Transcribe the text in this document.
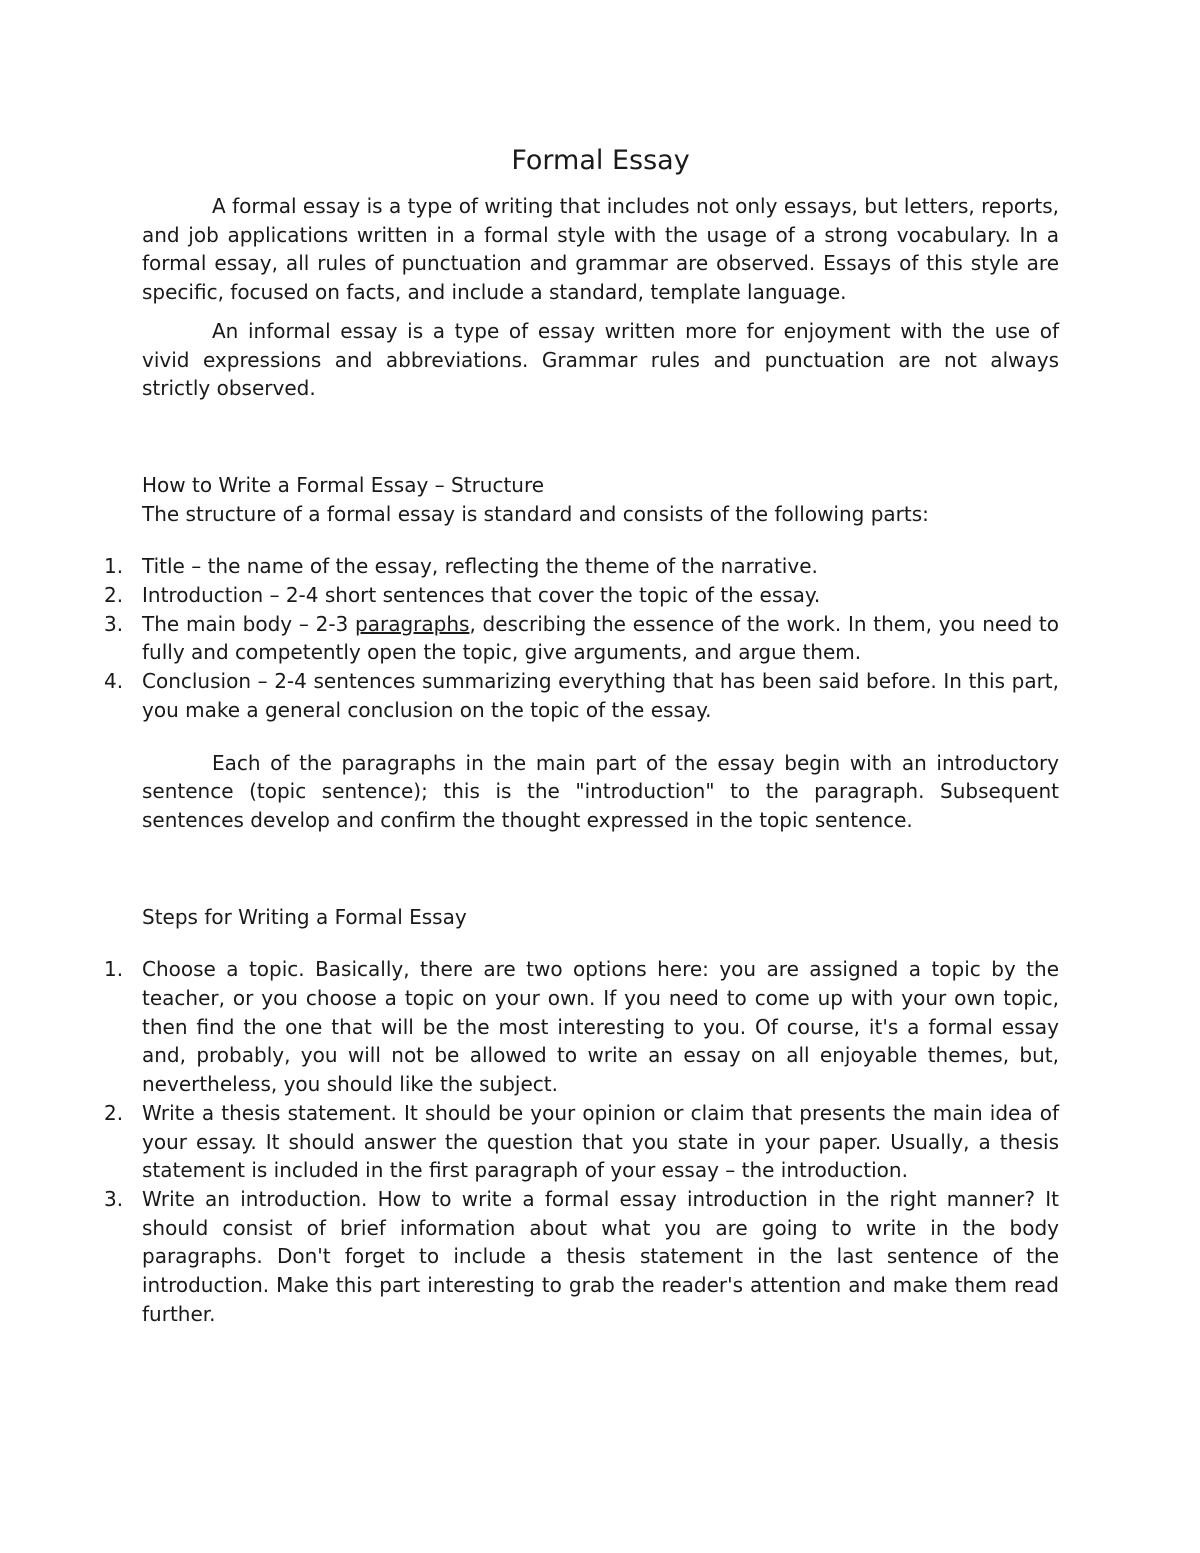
Formal Essay

A formal essay is a type of writing that includes not only essays, but letters, reports, and job applications written in a formal style with the usage of a strong vocabulary. In a formal essay, all rules of punctuation and grammar are observed. Essays of this style are specific, focused on facts, and include a standard, template language.

An informal essay is a type of essay written more for enjoyment with the use of vivid expressions and abbreviations. Grammar rules and punctuation are not always strictly observed.

How to Write a Formal Essay – Structure
The structure of a formal essay is standard and consists of the following parts:
1. Title – the name of the essay, reflecting the theme of the narrative.
2. Introduction – 2-4 short sentences that cover the topic of the essay.
3. The main body – 2-3 paragraphs, describing the essence of the work. In them, you need to fully and competently open the topic, give arguments, and argue them.
4. Conclusion – 2-4 sentences summarizing everything that has been said before. In this part, you make a general conclusion on the topic of the essay.

Each of the paragraphs in the main part of the essay begin with an introductory sentence (topic sentence); this is the "introduction" to the paragraph. Subsequent sentences develop and confirm the thought expressed in the topic sentence.

Steps for Writing a Formal Essay
1. Choose a topic. Basically, there are two options here: you are assigned a topic by the teacher, or you choose a topic on your own. If you need to come up with your own topic, then find the one that will be the most interesting to you. Of course, it's a formal essay and, probably, you will not be allowed to write an essay on all enjoyable themes, but, nevertheless, you should like the subject.
2. Write a thesis statement. It should be your opinion or claim that presents the main idea of your essay. It should answer the question that you state in your paper. Usually, a thesis statement is included in the first paragraph of your essay – the introduction.
3. Write an introduction. How to write a formal essay introduction in the right manner? It should consist of brief information about what you are going to write in the body paragraphs. Don't forget to include a thesis statement in the last sentence of the introduction. Make this part interesting to grab the reader's attention and make them read further.
